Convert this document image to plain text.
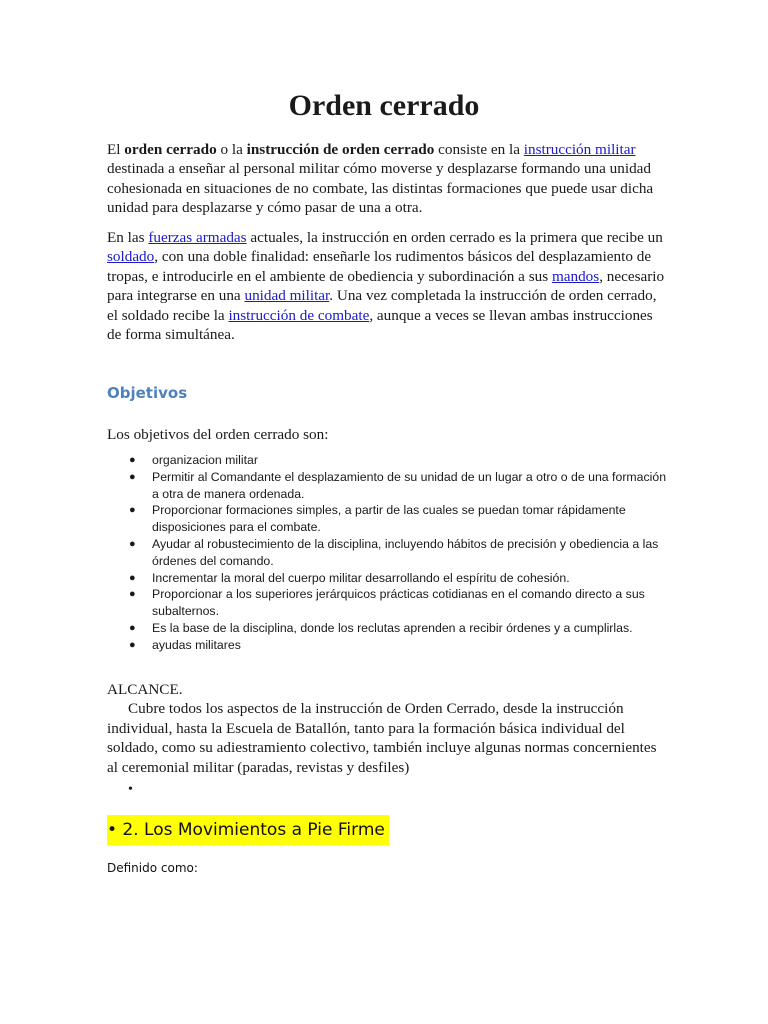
Orden cerrado

El orden cerrado o la instrucción de orden cerrado consiste en la instrucción militar destinada a enseñar al personal militar cómo moverse y desplazarse formando una unidad cohesionada en situaciones de no combate, las distintas formaciones que puede usar dicha unidad para desplazarse y cómo pasar de una a otra.

En las fuerzas armadas actuales, la instrucción en orden cerrado es la primera que recibe un soldado, con una doble finalidad: enseñarle los rudimentos básicos del desplazamiento de tropas, e introducirle en el ambiente de obediencia y subordinación a sus mandos, necesario para integrarse en una unidad militar. Una vez completada la instrucción de orden cerrado, el soldado recibe la instrucción de combate, aunque a veces se llevan ambas instrucciones de forma simultánea.

Objetivos

Los objetivos del orden cerrado son:

● organizacion militar
● Permitir al Comandante el desplazamiento de su unidad de un lugar a otro o de una formación a otra de manera ordenada.
● Proporcionar formaciones simples, a partir de las cuales se puedan tomar rápidamente disposiciones para el combate.
● Ayudar al robustecimiento de la disciplina, incluyendo hábitos de precisión y obediencia a las órdenes del comando.
● Incrementar la moral del cuerpo militar desarrollando el espíritu de cohesión.
● Proporcionar a los superiores jerárquicos prácticas cotidianas en el comando directo a sus subalternos.
● Es la base de la disciplina, donde los reclutas aprenden a recibir órdenes y a cumplirlas.
● ayudas militares
ALCANCE.
Cubre todos los aspectos de la instrucción de Orden Cerrado, desde la instrucción individual, hasta la Escuela de Batallón, tanto para la formación básica individual del soldado, como su adiestramiento colectivo, también incluye algunas normas concernientes al ceremonial militar (paradas, revistas y desfiles)
•
• 2. Los Movimientos a Pie Firme
Definido como:
